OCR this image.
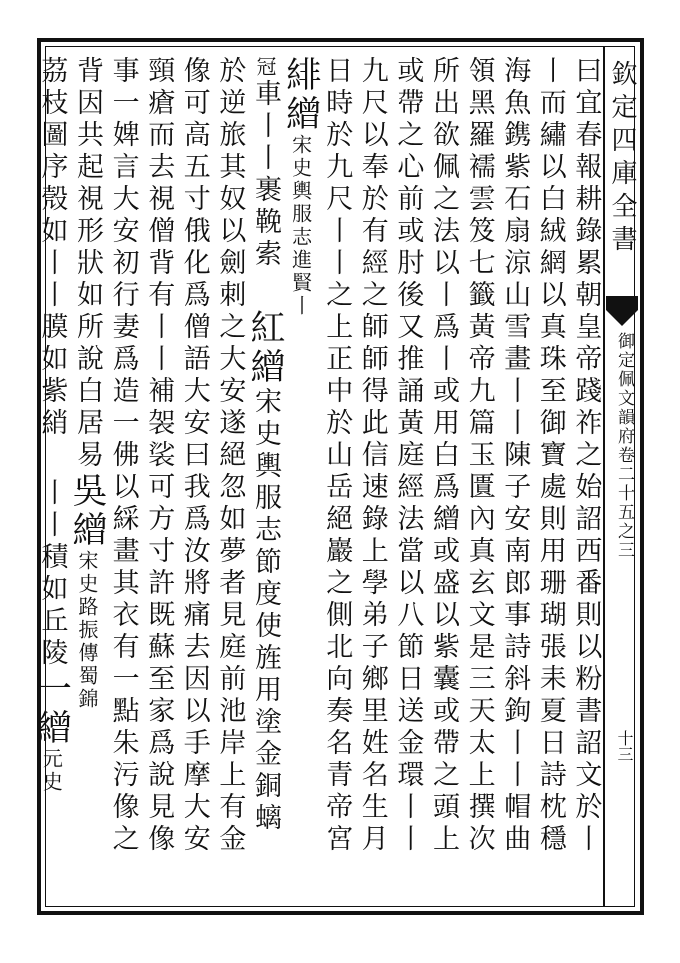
欽定四庫全書
御定佩文韻府卷二十五之三
十三
曰宜春報耕錄累朝皇帝踐祚之始詔西番則以粉書詔文於丨
丨而繡以白絨網以真珠至御寶處則用珊瑚張耒夏日詩枕穩
海魚鎸紫石扇涼山雪畫丨丨陳子安南郎事詩斜鉤丨丨帽曲
領黑羅襦雲笈七籤黃帝九篇玉匱內真玄文是三天太上撰次
所出欲佩之法以丨爲丨或用白爲繒或盛以紫囊或帶之頭上
或帶之心前或肘後又推誦黃庭經法當以八節日送金環丨丨
九尺以奉於有經之師師得此信速錄上學弟子鄉里姓名生月
日時於九尺丨丨之上正中於山岳絕巖之側北向奏名青帝宮
緋繒宋史輿服志進賢丨
冠車丨丨裹鞔索紅繒宋史輿服志節度使旌用塗金銅螭
於逆旅其奴以劍刺之大安遂絕忽如夢者見庭前池岸上有金
像可高五寸俄化爲僧語大安曰我爲汝將痛去因以手摩大安
頸瘡而去視僧背有丨丨補袈裟可方寸許既蘇至家爲說見像
事一婢言大安初行妻爲造一佛以綵畫其衣有一點朱污像之
背因共起視形狀如所說白居易吳繒宋史路振傳蜀錦
茘枝圖序殼如丨丨膜如紫綃丨丨積如丘陵一繒元史
